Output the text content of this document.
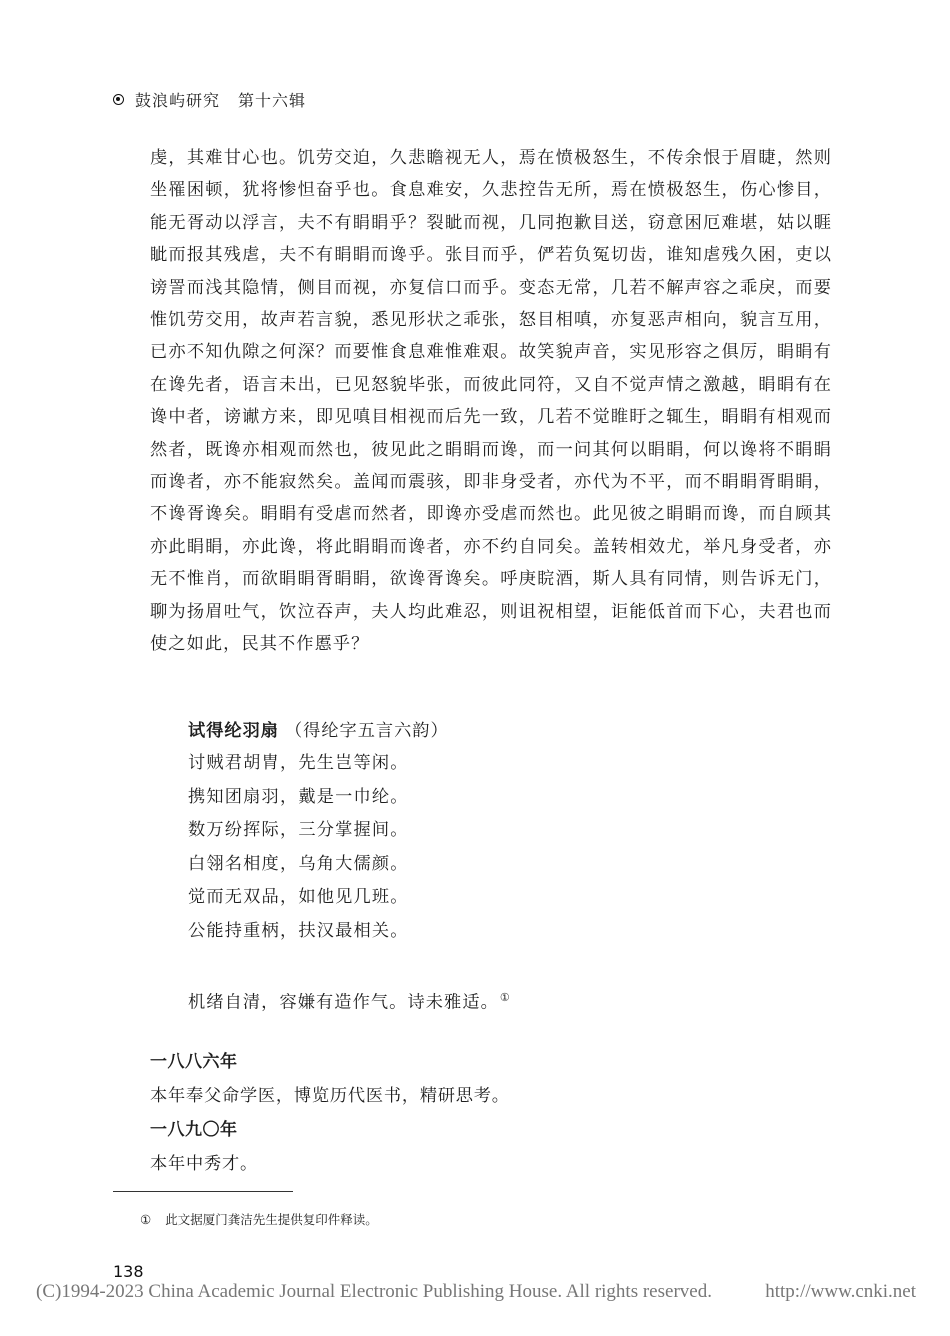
鼓浪屿研究 第十六辑
虔，其难甘心也。饥劳交迫，久悲瞻视无人，焉在愤极怒生，不传余恨于眉睫，然则坐罹困顿，犹将惨怛奋乎也。食息难安，久悲控告无所，焉在愤极怒生，伤心惨目，能无胥动以浮言，夫不有睊睊乎？裂眦而视，几同抱歉目送，窃意困厄难堪，姑以睚眦而报其残虐，夫不有睊睊而谗乎。张目而乎，俨若负冤切齿，谁知虐残久困，吏以谤詈而浅其隐情，侧目而视，亦复信口而乎。变态无常，几若不解声容之乖戾，而要惟饥劳交用，故声若言貌，悉见形状之乖张，怒目相嗔，亦复恶声相向，貌言互用，已亦不知仇隙之何深？而要惟食息难惟难艰。故笑貌声音，实见形容之俱厉，睊睊有在谗先者，语言未出，已见怒貌毕张，而彼此同符，又自不觉声情之激越，睊睊有在谗中者，谤谳方来，即见嗔目相视而后先一致，几若不觉睢盱之辄生，睊睊有相观而然者，既谗亦相观而然也，彼见此之睊睊而谗，而一问其何以睊睊，何以谗将不睊睊而谗者，亦不能寂然矣。盖闻而震骇，即非身受者，亦代为不平，而不睊睊胥睊睊，不谗胥谗矣。睊睊有受虐而然者，即谗亦受虐而然也。此见彼之睊睊而谗，而自顾其亦此睊睊，亦此谗，将此睊睊而谗者，亦不约自同矣。盖转相效尤，举凡身受者，亦无不惟肖，而欲睊睊胥睊睊，欲谗胥谗矣。呼庚睆酒，斯人具有同情，则告诉无门，聊为扬眉吐气，饮泣吞声，夫人均此难忍，则诅祝相望，讵能低首而下心，夫君也而使之如此，民其不作慝乎？
试得纶羽扇 （得纶字五言六韵）
讨贼君胡胄，先生岂等闲。
携知团扇羽，戴是一巾纶。
数万纷挥际，三分掌握间。
白翎名相度，乌角大儒颜。
觉而无双品，如他见几班。
公能持重柄，扶汉最相关。
机绪自清，容嫌有造作气。诗未雅适。①
一八八六年
本年奉父命学医，博览历代医书，精研思考。
一八九〇年
本年中秀才。
① 此文据厦门龚洁先生提供复印件释读。
138
(C)1994-2023 China Academic Journal Electronic Publishing House. All rights reserved.	http://www.cnki.net
